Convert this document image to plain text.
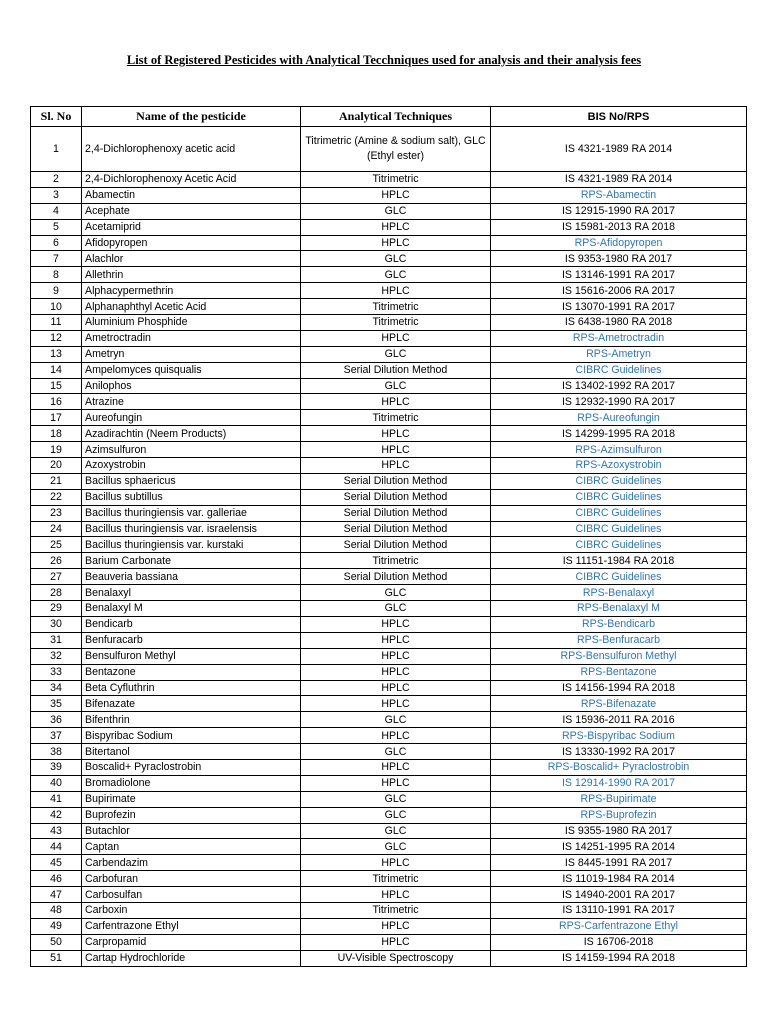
List of Registered Pesticides with Analytical Tecchniques used for analysis and their analysis fees
Sl. No	Name of the pesticide	Analytical Techniques	BIS No/RPS
1	2,4-Dichlorophenoxy acetic acid	Titrimetric (Amine & sodium salt), GLC (Ethyl ester)	IS 4321-1989 RA 2014
2	2,4-Dichlorophenoxy Acetic Acid	Titrimetric	IS 4321-1989 RA 2014
3	Abamectin	HPLC	RPS-Abamectin
4	Acephate	GLC	IS 12915-1990 RA 2017
5	Acetamiprid	HPLC	IS 15981-2013 RA 2018
6	Afidopyropen	HPLC	RPS-Afidopyropen
7	Alachlor	GLC	IS 9353-1980 RA 2017
8	Allethrin	GLC	IS 13146-1991 RA 2017
9	Alphacypermethrin	HPLC	IS 15616-2006 RA 2017
10	Alphanaphthyl Acetic Acid	Titrimetric	IS 13070-1991 RA 2017
11	Aluminium Phosphide	Titrimetric	IS 6438-1980 RA 2018
12	Ametroctradin	HPLC	RPS-Ametroctradin
13	Ametryn	GLC	RPS-Ametryn
14	Ampelomyces quisqualis	Serial Dilution Method	CIBRC Guidelines
15	Anilophos	GLC	IS 13402-1992 RA 2017
16	Atrazine	HPLC	IS 12932-1990 RA 2017
17	Aureofungin	Titrimetric	RPS-Aureofungin
18	Azadirachtin (Neem Products)	HPLC	IS 14299-1995 RA 2018
19	Azimsulfuron	HPLC	RPS-Azimsulfuron
20	Azoxystrobin	HPLC	RPS-Azoxystrobin
21	Bacillus sphaericus	Serial Dilution Method	CIBRC Guidelines
22	Bacillus subtillus	Serial Dilution Method	CIBRC Guidelines
23	Bacillus thuringiensis var. galleriae	Serial Dilution Method	CIBRC Guidelines
24	Bacillus thuringiensis var. israelensis	Serial Dilution Method	CIBRC Guidelines
25	Bacillus thuringiensis var. kurstaki	Serial Dilution Method	CIBRC Guidelines
26	Barium Carbonate	Titrimetric	IS 11151-1984 RA 2018
27	Beauveria bassiana	Serial Dilution Method	CIBRC Guidelines
28	Benalaxyl	GLC	RPS-Benalaxyl
29	Benalaxyl M	GLC	RPS-Benalaxyl M
30	Bendicarb	HPLC	RPS-Bendicarb
31	Benfuracarb	HPLC	RPS-Benfuracarb
32	Bensulfuron Methyl	HPLC	RPS-Bensulfuron Methyl
33	Bentazone	HPLC	RPS-Bentazone
34	Beta Cyfluthrin	HPLC	IS 14156-1994 RA 2018
35	Bifenazate	HPLC	RPS-Bifenazate
36	Bifenthrin	GLC	IS 15936-2011 RA 2016
37	Bispyribac Sodium	HPLC	RPS-Bispyribac Sodium
38	Bitertanol	GLC	IS 13330-1992 RA 2017
39	Boscalid+ Pyraclostrobin	HPLC	RPS-Boscalid+ Pyraclostrobin
40	Bromadiolone	HPLC	IS 12914-1990 RA 2017
41	Bupirimate	GLC	RPS-Bupirimate
42	Buprofezin	GLC	RPS-Buprofezin
43	Butachlor	GLC	IS 9355-1980 RA 2017
44	Captan	GLC	IS 14251-1995 RA 2014
45	Carbendazim	HPLC	IS 8445-1991 RA 2017
46	Carbofuran	Titrimetric	IS 11019-1984 RA 2014
47	Carbosulfan	HPLC	IS 14940-2001 RA 2017
48	Carboxin	Titrimetric	IS 13110-1991 RA 2017
49	Carfentrazone Ethyl	HPLC	RPS-Carfentrazone Ethyl
50	Carpropamid	HPLC	IS 16706-2018
51	Cartap Hydrochloride	UV-Visible Spectroscopy	IS 14159-1994 RA 2018
